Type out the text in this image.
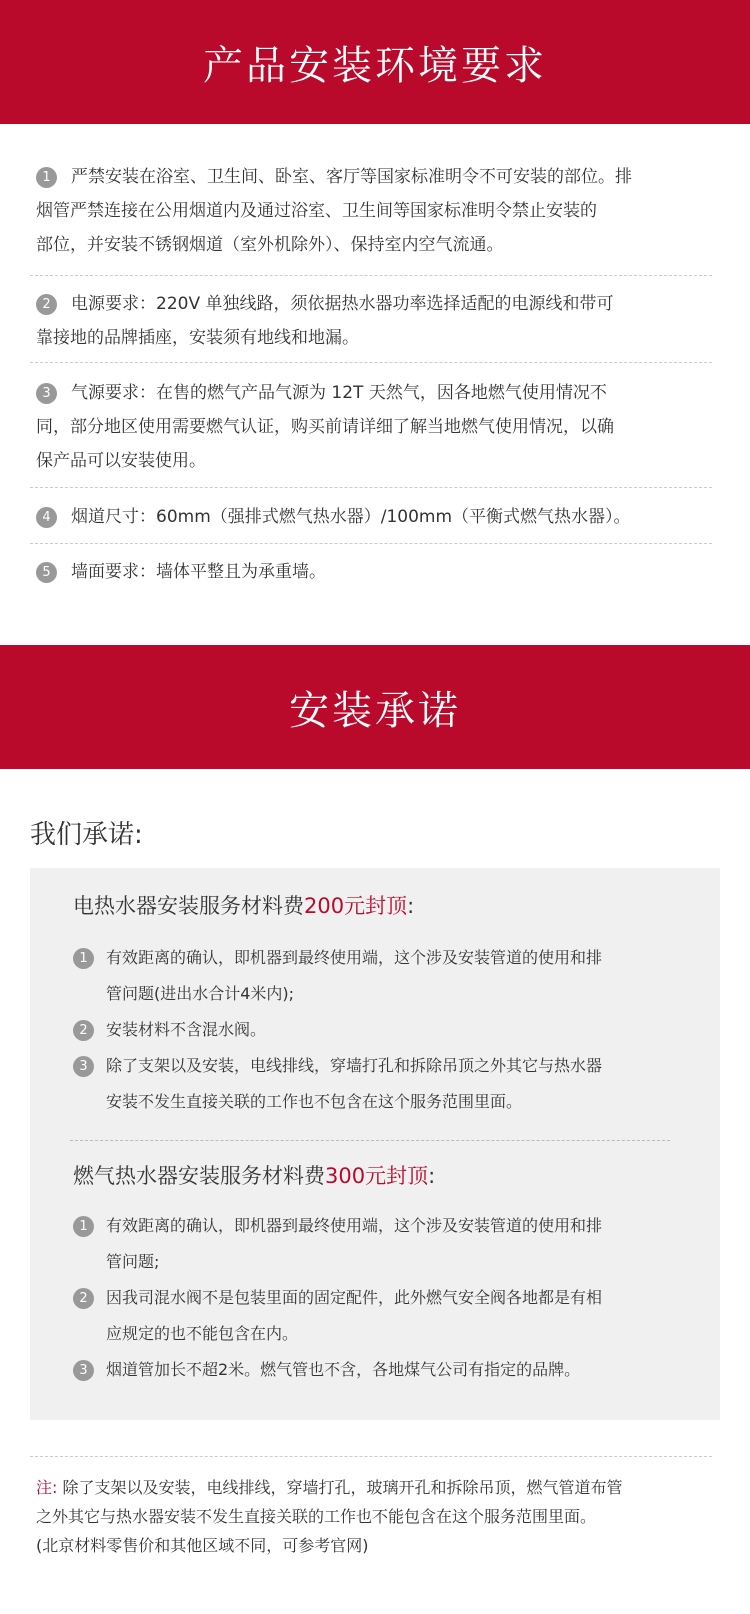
产品安装环境要求
1 严禁安装在浴室、卫生间、卧室、客厅等国家标准明令不可安装的部位。排
烟管严禁连接在公用烟道内及通过浴室、卫生间等国家标准明令禁止安装的
部位，并安装不锈钢烟道（室外机除外）、保持室内空气流通。
2 电源要求：220V 单独线路，须依据热水器功率选择适配的电源线和带可
靠接地的品牌插座，安装须有地线和地漏。
3 气源要求：在售的燃气产品气源为 12T 天然气，因各地燃气使用情况不
同，部分地区使用需要燃气认证，购买前请详细了解当地燃气使用情况，以确
保产品可以安装使用。
4 烟道尺寸：60mm（强排式燃气热水器）/100mm（平衡式燃气热水器）。
5 墙面要求：墙体平整且为承重墙。
安装承诺
我们承诺:
电热水器安装服务材料费200元封顶:
1 有效距离的确认，即机器到最终使用端，这个涉及安装管道的使用和排
管问题(进出水合计4米内);
2 安装材料不含混水阀。
3 除了支架以及安装，电线排线，穿墙打孔和拆除吊顶之外其它与热水器
安装不发生直接关联的工作也不包含在这个服务范围里面。
燃气热水器安装服务材料费300元封顶:
1 有效距离的确认，即机器到最终使用端，这个涉及安装管道的使用和排
管问题;
2 因我司混水阀不是包装里面的固定配件，此外燃气安全阀各地都是有相
应规定的也不能包含在内。
3 烟道管加长不超2米。燃气管也不含，各地煤气公司有指定的品牌。
注: 除了支架以及安装，电线排线，穿墙打孔，玻璃开孔和拆除吊顶，燃气管道布管
之外其它与热水器安装不发生直接关联的工作也不能包含在这个服务范围里面。
(北京材料零售价和其他区域不同，可参考官网)
